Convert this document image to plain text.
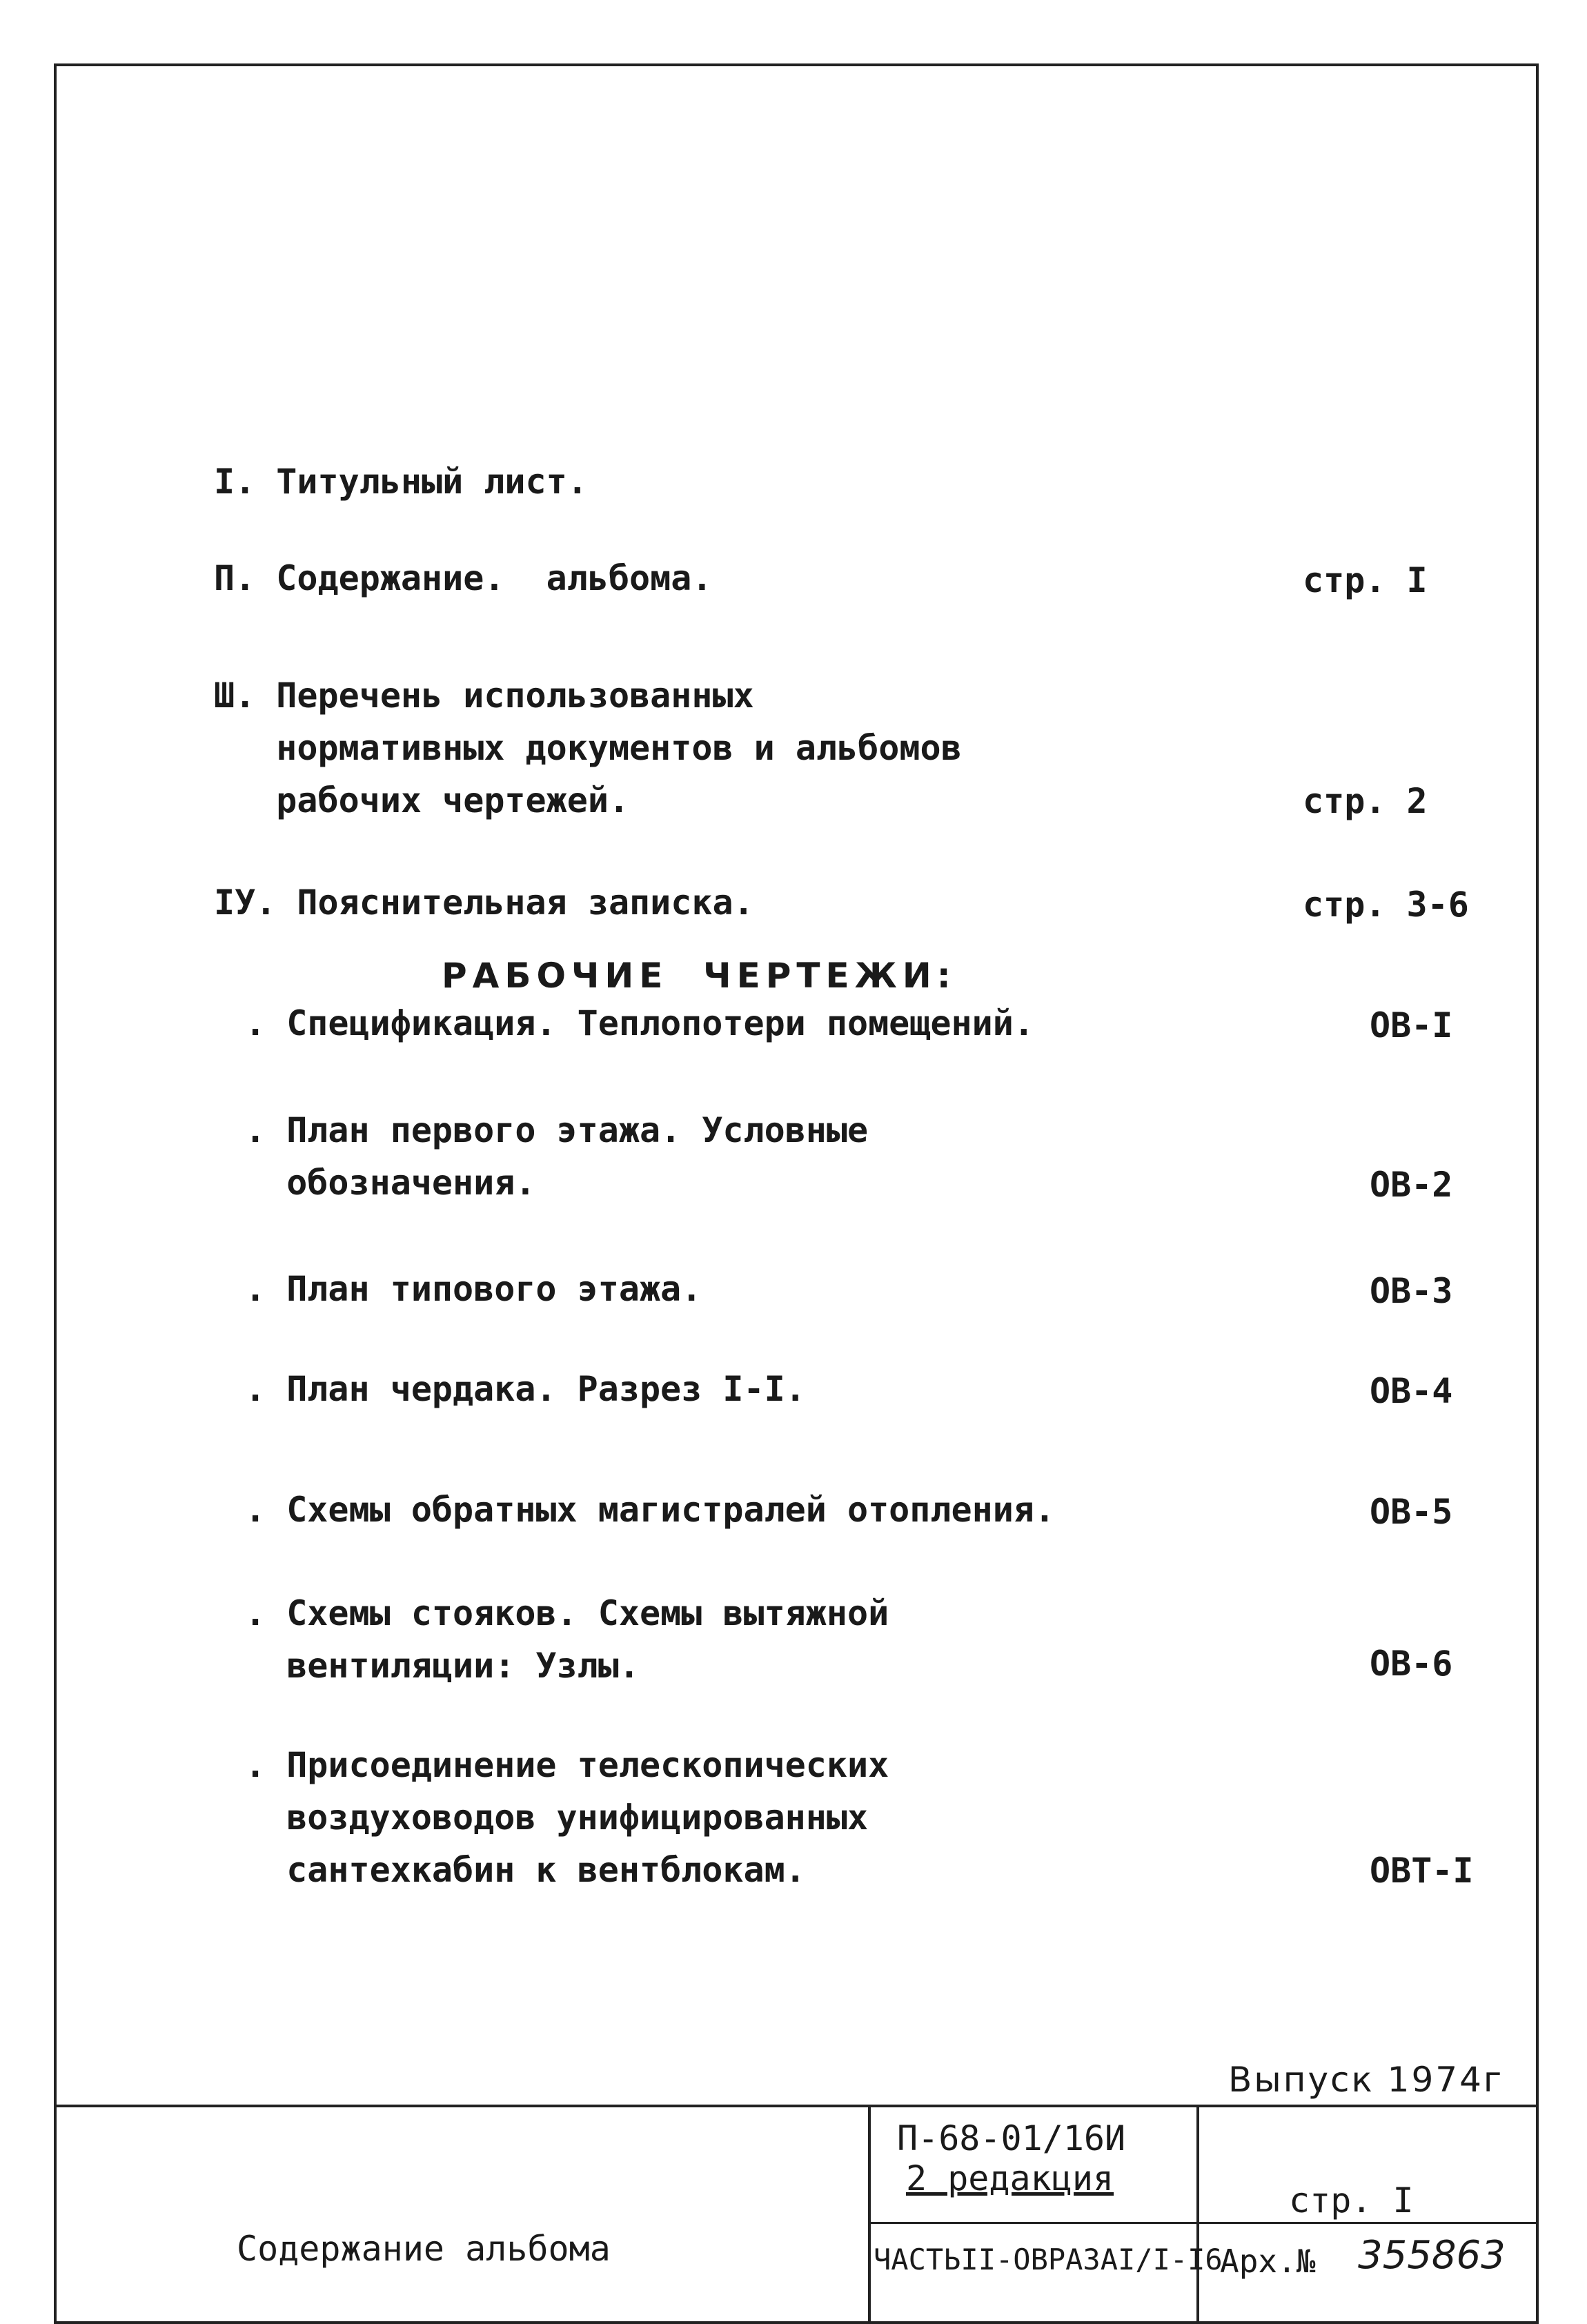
I. Титульный лист.
П. Содержание.  альбома.	стр. I
Ш. Перечень использованных
нормативных документов и альбомов
рабочих чертежей.	стр. 2
IУ. Пояснительная записка.	стр. 3-6
РАБОЧИЕ  ЧЕРТЕЖИ:
. Спецификация. Теплопотери помещений.	ОВ-I
. План первого этажа. Условные
обозначения.	ОВ-2
. План типового этажа.	ОВ-3
. План чердака. Разрез I-I.	ОВ-4
. Схемы обратных магистралей отопления.	ОВ-5
. Схемы стояков. Схемы вытяжной
вентиляции: Узлы.	ОВ-6
. Присоединение телескопических
воздуховодов унифицированных
сантехкабин к вентблокам.	ОВТ-I
Выпуск 1974г
Содержание альбома
П-68-01/16И
2 редакция
ЧАСТЬII-ОВРАЗАI/I-I6
стр. I
Арх.№ 355863
